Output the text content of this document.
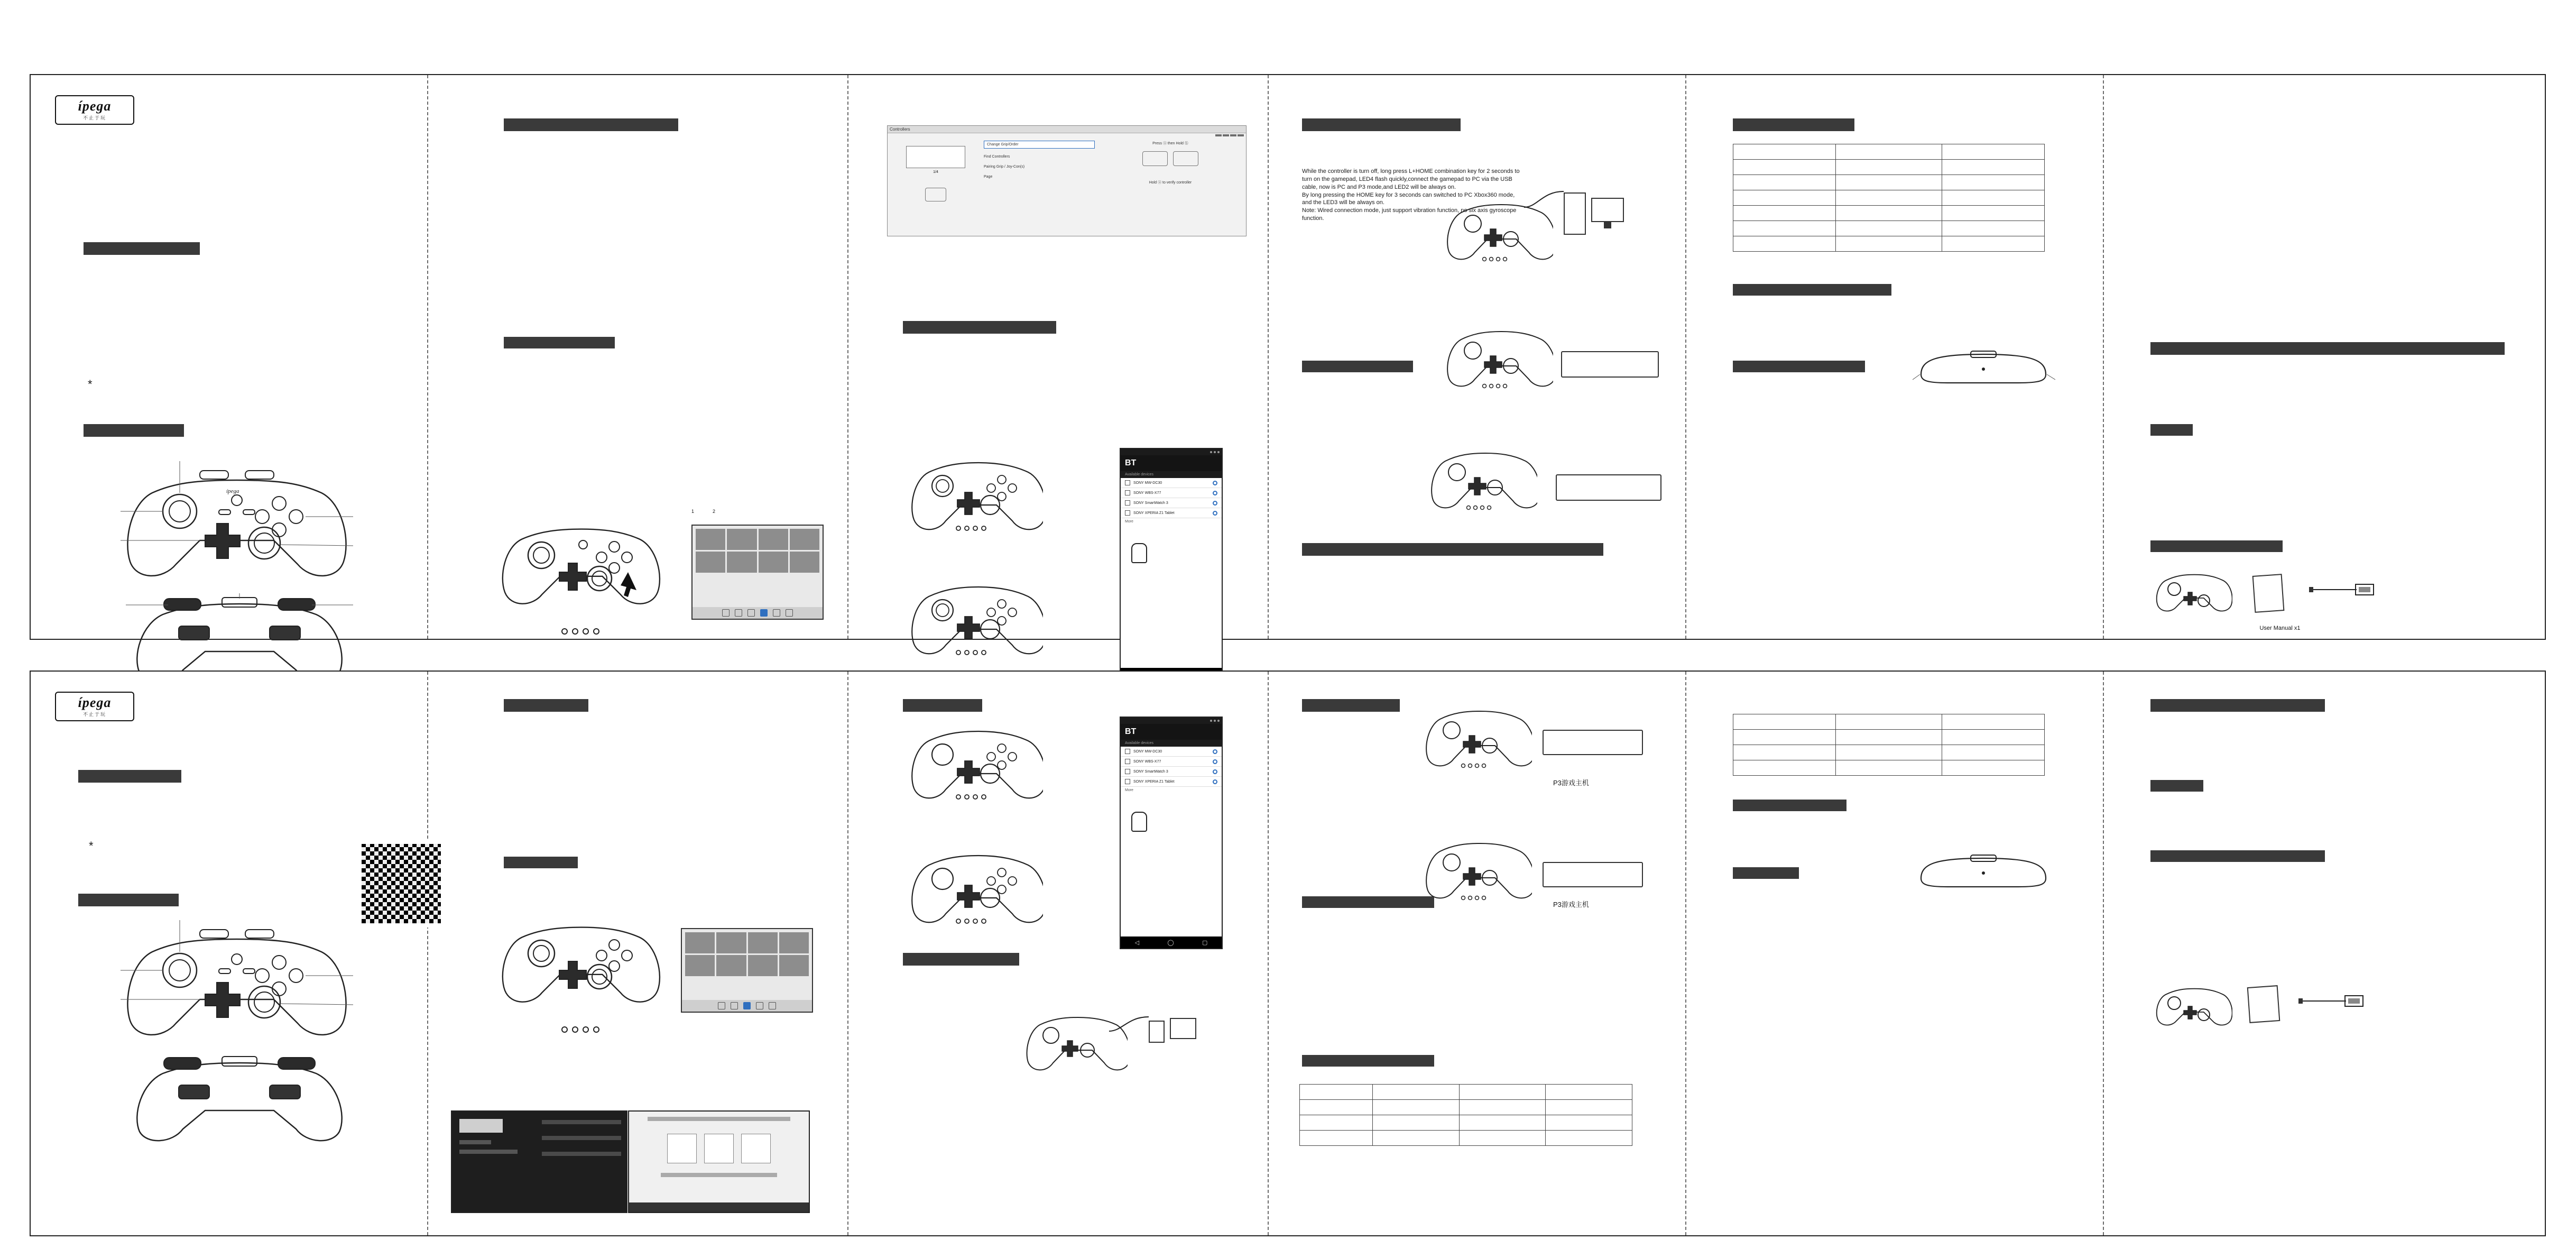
ípega
不止于玩
*
ípega
1	2
Controllers
1/4
Change Grip/Order
Find Controllers
Pairing Grip / Joy-Con(s)
Page
Press ⓐ then Hold ⓑ
Hold ⓐ to verify controller
BT
Available devices
SONY MW-DC30
SONY WBS-X77
SONY SmartWatch 3
SONY XPERIA Z1 Tablet
More
While the controller is turn off, long press L+HOME combination key for 2 seconds to turn on the gamepad, LED4 flash quickly,connect the gamepad to PC via the USB cable, now is PC and P3 mode,and LED2 will be always on.
By long pressing the HOME key for 3 seconds can switched to PC Xbox360 mode, and the LED3 will be always on.
Note: Wired connection mode, just support vibration function, no six axis gyroscope function.

User Manual x1
ípega
不止于玩
*
BT
Available devices
SONY MW-DC30
SONY WBS-X77
SONY SmartWatch 3
SONY XPERIA Z1 Tablet
More
◁	◯	▢
P3游戏主机
P3游戏主机
